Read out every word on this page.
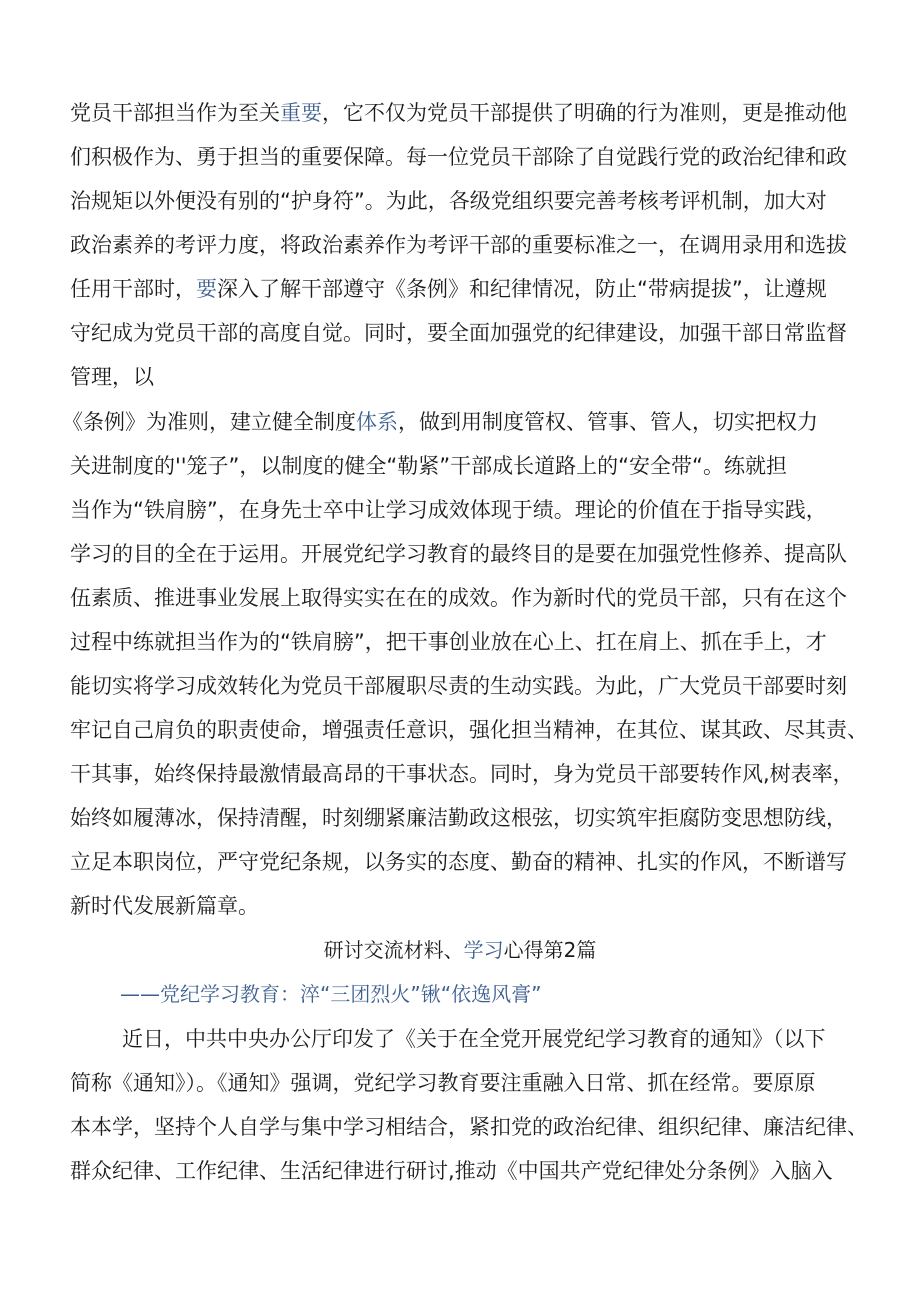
党员干部担当作为至关重要，它不仅为党员干部提供了明确的行为准则，更是推动他
们积极作为、勇于担当的重要保障。每一位党员干部除了自觉践行党的政治纪律和政
治规矩以外便没有别的“护身符”。为此，各级党组织要完善考核考评机制，加大对
政治素养的考评力度，将政治素养作为考评干部的重要标准之一，在调用录用和选拔
任用干部时，要深入了解干部遵守《条例》和纪律情况，防止“带病提拔”，让遵规
守纪成为党员干部的高度自觉。同时，要全面加强党的纪律建设，加强干部日常监督
管理，以
《条例》为准则，建立健全制度体系，做到用制度管权、管事、管人，切实把权力
关进制度的''笼子”，以制度的健全“勒紧”干部成长道路上的“安全带“。练就担
当作为“铁肩膀”，在身先士卒中让学习成效体现于绩。理论的价值在于指导实践，
学习的目的全在于运用。开展党纪学习教育的最终目的是要在加强党性修养、提高队
伍素质、推进事业发展上取得实实在在的成效。作为新时代的党员干部，只有在这个
过程中练就担当作为的“铁肩膀”，把干事创业放在心上、扛在肩上、抓在手上，才
能切实将学习成效转化为党员干部履职尽责的生动实践。为此，广大党员干部要时刻
牢记自己肩负的职责使命，增强责任意识，强化担当精神，在其位、谋其政、尽其责、
干其事，始终保持最激情最高昂的干事状态。同时，身为党员干部要转作风,树表率，
始终如履薄冰，保持清醒，时刻绷紧廉洁勤政这根弦，切实筑牢拒腐防变思想防线，
立足本职岗位，严守党纪条规，以务实的态度、勤奋的精神、扎实的作风，不断谱写
新时代发展新篇章。
研讨交流材料、学习心得第2篇
——党纪学习教育：淬“三团烈火”锹“依逸风膏”
近日，中共中央办公厅印发了《关于在全党开展党纪学习教育的通知》（以下
简称《通知》）。《通知》强调，党纪学习教育要注重融入日常、抓在经常。要原原
本本学，坚持个人自学与集中学习相结合，紧扣党的政治纪律、组织纪律、廉洁纪律、
群众纪律、工作纪律、生活纪律进行研讨,推动《中国共产党纪律处分条例》入脑入
